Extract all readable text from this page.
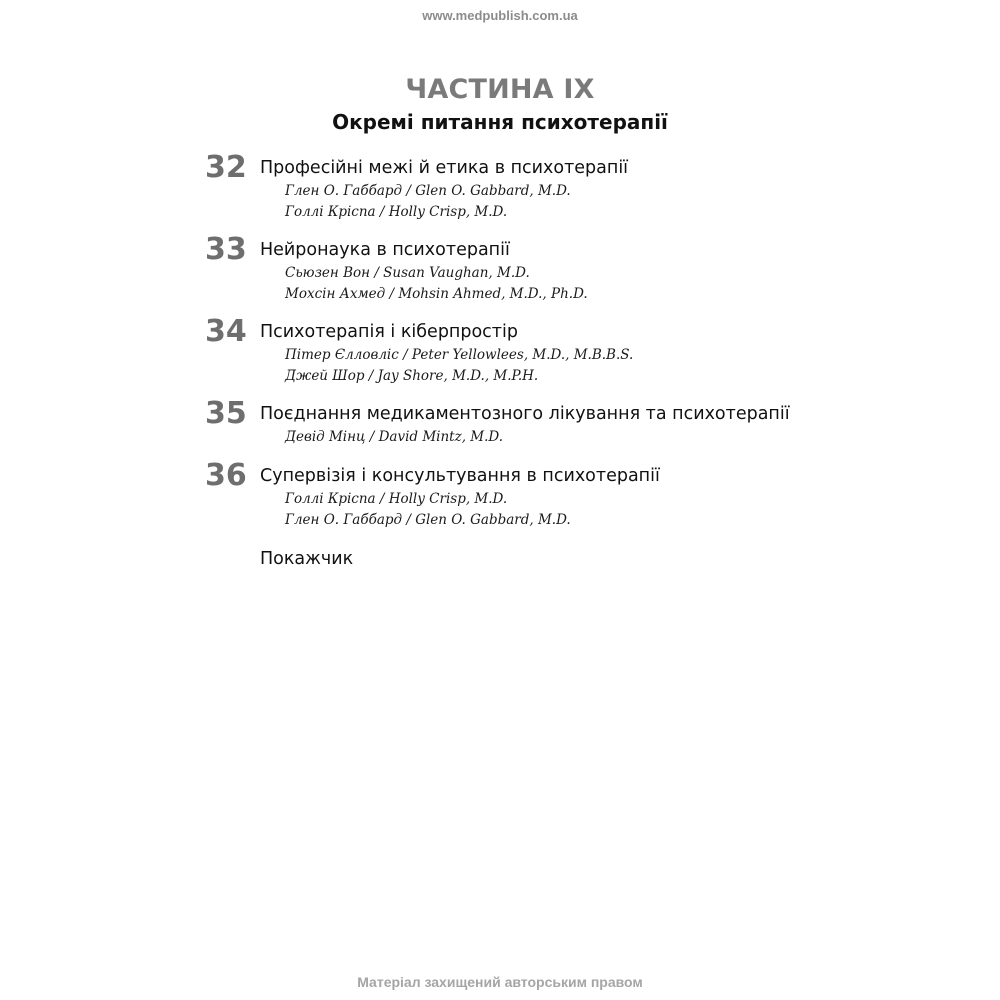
www.medpublish.com.ua
ЧАСТИНА IX
Окремі питання психотерапії
32 Професійні межі й етика в психотерапії
Глен О. Габбард / Glen O. Gabbard, M.D.
Голлі Кріспа / Holly Crisp, M.D.
33 Нейронаука в психотерапії
Сьюзен Вон / Susan Vaughan, M.D.
Мохсін Ахмед / Mohsin Ahmed, M.D., Ph.D.
34 Психотерапія і кіберпростір
Пітер Єлловліс / Peter Yellowlees, M.D., M.B.B.S.
Джей Шор / Jay Shore, M.D., M.P.H.
35 Поєднання медикаментозного лікування та психотерапії
Девід Мінц / David Mintz, M.D.
36 Супервізія і консультування в психотерапії
Голлі Кріспа / Holly Crisp, M.D.
Глен О. Габбард / Glen O. Gabbard, M.D.
Покажчик
Матеріал захищений авторським правом
